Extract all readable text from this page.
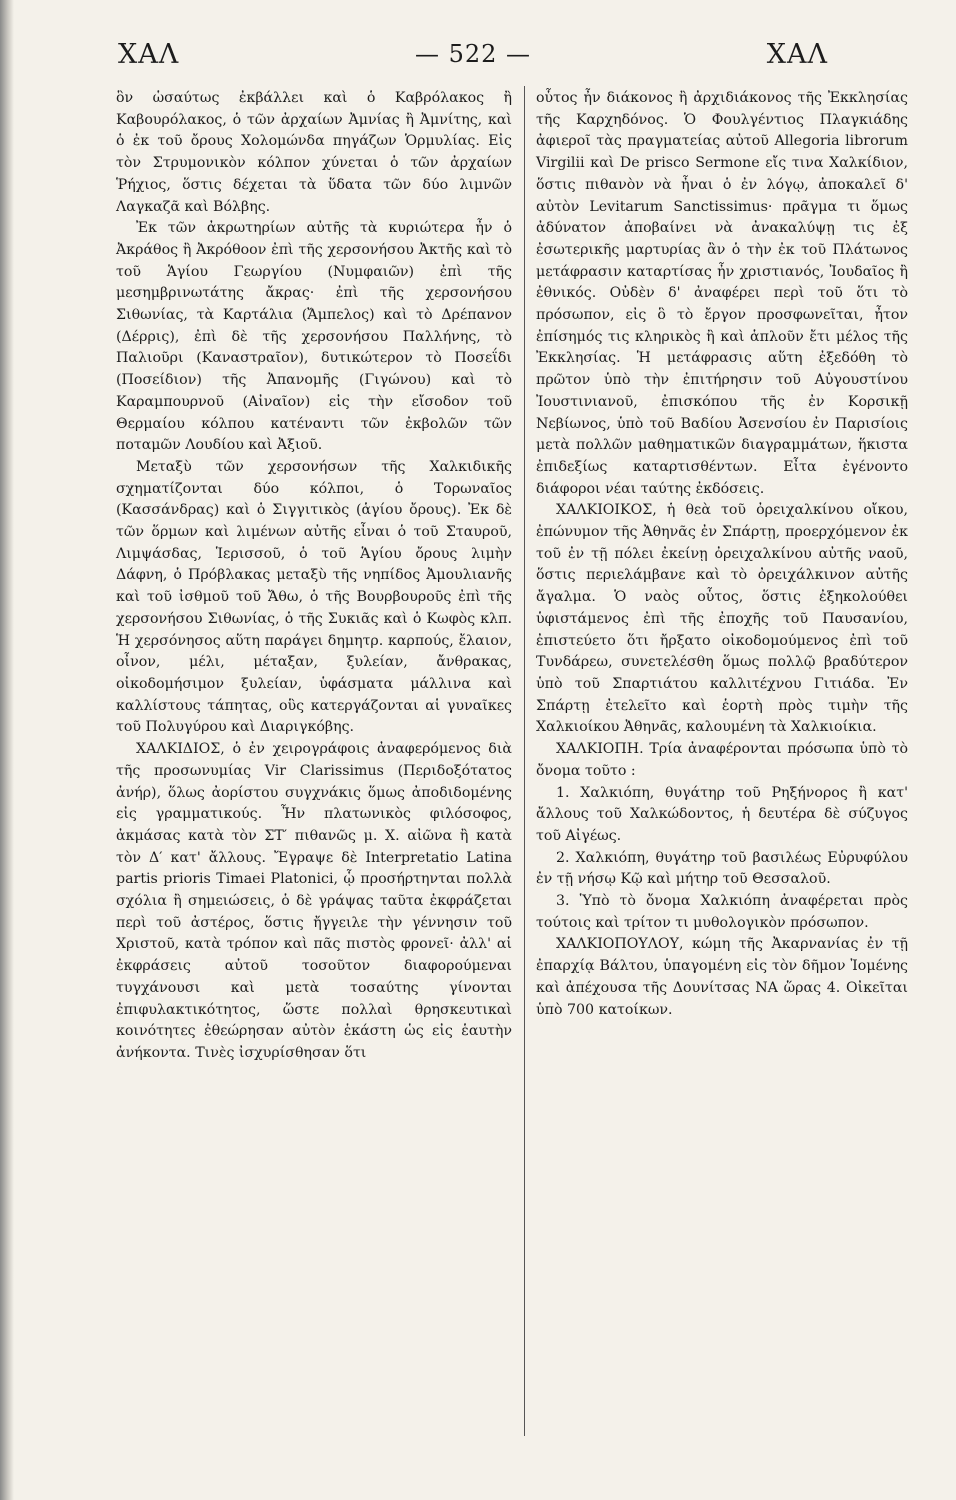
ΧΑΛ	— 522 —	ΧΑΛ

ὃν ὡσαύτως ἐκβάλλει καὶ ὁ Καβρόλακος ἢ Καβουρόλακος, ὁ τῶν ἀρχαίων Ἀμνίας ἢ Ἀμνίτης, καὶ ὁ ἐκ τοῦ ὄρους Χολομώνδα πηγάζων Ὁρμυλίας. Εἰς τὸν Στρυμονικὸν κόλπον χύνεται ὁ τῶν ἀρχαίων Ῥήχιος, ὅστις δέχεται τὰ ὕδατα τῶν δύο λιμνῶν Λαγκαζᾶ καὶ Βόλβης.

Ἐκ τῶν ἀκρωτηρίων αὐτῆς τὰ κυριώτερα ἦν ὁ Ἀκράθος ἢ Ἀκρόθοον ἐπὶ τῆς χερσονήσου Ἀκτῆς καὶ τὸ τοῦ Ἁγίου Γεωργίου (Νυμφαιῶν) ἐπὶ τῆς μεσημβρινωτάτης ἄκρας· ἐπὶ τῆς χερσονήσου Σιθωνίας, τὰ Καρτάλια (Ἄμπελος) καὶ τὸ Δρέπανον (Δέρρις), ἐπὶ δὲ τῆς χερσονήσου Παλλήνης, τὸ Παλιοῦρι (Καναστραῖον), δυτικώτερον τὸ Ποσεΐδι (Ποσείδιον) τῆς Ἀπανομῆς (Γιγώνου) καὶ τὸ Καραμπουρνοῦ (Αἰναῖον) εἰς τὴν εἴσοδον τοῦ Θερμαίου κόλπου κατέναντι τῶν ἐκβολῶν τῶν ποταμῶν Λουδίου καὶ Ἀξιοῦ.

Μεταξὺ τῶν χερσονήσων τῆς Χαλκιδικῆς σχηματίζονται δύο κόλποι, ὁ Τορωναῖος (Κασσάνδρας) καὶ ὁ Σιγγιτικὸς (ἁγίου ὄρους). Ἐκ δὲ τῶν ὅρμων καὶ λιμένων αὐτῆς εἶναι ὁ τοῦ Σταυροῦ, Λιμψάσδας, Ἱερισσοῦ, ὁ τοῦ Ἁγίου ὄρους λιμὴν Δάφνη, ὁ Πρόβλακας μεταξὺ τῆς νηπίδος Ἀμουλιανῆς καὶ τοῦ ἰσθμοῦ τοῦ Ἄθω, ὁ τῆς Βουρβουροῦς ἐπὶ τῆς χερσονήσου Σιθωνίας, ὁ τῆς Συκιᾶς καὶ ὁ Κωφὸς κλπ. Ἡ χερσόνησος αὕτη παράγει δημητρ. καρπούς, ἔλαιον, οἶνον, μέλι, μέταξαν, ξυλείαν, ἄνθρακας, οἰκοδομήσιμον ξυλείαν, ὑφάσματα μάλλινα καὶ καλλίστους τάπητας, οὓς κατεργάζονται αἱ γυναῖκες τοῦ Πολυγύρου καὶ Διαριγκόβης.

ΧΑΛΚΙΔΙΟΣ, ὁ ἐν χειρογράφοις ἀναφερόμενος διὰ τῆς προσωνυμίας Vir Clarissimus (Περιδοξότατος ἀνήρ), ὅλως ἀορίστου συγχνάκις ὅμως ἀποδιδομένης εἰς γραμματικούς. Ἦν πλατωνικὸς φιλόσοφος, ἀκμάσας κατὰ τὸν ΣΤ′ πιθανῶς μ. Χ. αἰῶνα ἢ κατὰ τὸν Δ′ κατ' ἄλλους. Ἔγραψε δὲ Interpretatio Latina partis prioris Timaei Platonici, ᾧ προσήρτηνται πολλὰ σχόλια ἢ σημειώσεις, ὁ δὲ γράψας ταῦτα ἐκφράζεται περὶ τοῦ ἀστέρος, ὅστις ἤγγειλε τὴν γέννησιν τοῦ Χριστοῦ, κατὰ τρόπον καὶ πᾶς πιστὸς φρονεῖ· ἀλλ' αἱ ἐκφράσεις αὐτοῦ τοσοῦτον διαφορούμεναι τυγχάνουσι καὶ μετὰ τοσαύτης γίνονται ἐπιφυλακτικότητος, ὥστε πολλαὶ θρησκευτικαὶ κοινότητες ἐθεώρησαν αὐτὸν ἑκάστη ὡς εἰς ἑαυτὴν ἀνήκοντα. Τινὲς ἰσχυρίσθησαν ὅτι

οὗτος ἦν διάκονος ἢ ἀρχιδιάκονος τῆς Ἐκκλησίας τῆς Καρχηδόνος. Ὁ Φουλγέντιος Πλαγκιάδης ἀφιεροῖ τὰς πραγματείας αὐτοῦ Allegoria librorum Virgilii καὶ De prisco Sermone εἴς τινα Χαλκίδιον, ὅστις πιθανὸν νὰ ἦναι ὁ ἐν λόγῳ, ἀποκαλεῖ δ' αὐτὸν Levitarum Sanctissimus· πρᾶγμα τι ὅμως ἀδύνατον ἀποβαίνει νὰ ἀνακαλύψῃ τις ἐξ ἐσωτερικῆς μαρτυρίας ἂν ὁ τὴν ἐκ τοῦ Πλάτωνος μετάφρασιν καταρτίσας ἦν χριστιανός, Ἰουδαῖος ἢ ἐθνικός. Οὐδὲν δ' ἀναφέρει περὶ τοῦ ὅτι τὸ πρόσωπον, εἰς ὃ τὸ ἔργον προσφωνεῖται, ἦτον ἐπίσημός τις κληρικὸς ἢ καὶ ἁπλοῦν ἔτι μέλος τῆς Ἐκκλησίας. Ἡ μετάφρασις αὕτη ἐξεδόθη τὸ πρῶτον ὑπὸ τὴν ἐπιτήρησιν τοῦ Αὐγουστίνου Ἰουστινιανοῦ, ἐπισκόπου τῆς ἐν Κορσικῇ Νεβίωνος, ὑπὸ τοῦ Βαδίου Ἀσενσίου ἐν Παρισίοις μετὰ πολλῶν μαθηματικῶν διαγραμμάτων, ἥκιστα ἐπιδεξίως καταρτισθέντων. Εἶτα ἐγένοντο διάφοροι νέαι ταύτης ἐκδόσεις.

ΧΑΛΚΙΟΙΚΟΣ, ἡ θεὰ τοῦ ὀρειχαλκίνου οἴκου, ἐπώνυμον τῆς Ἀθηνᾶς ἐν Σπάρτῃ, προερχόμενον ἐκ τοῦ ἐν τῇ πόλει ἐκείνῃ ὀρειχαλκίνου αὐτῆς ναοῦ, ὅστις περιελάμβανε καὶ τὸ ὀρειχάλκινον αὐτῆς ἄγαλμα. Ὁ ναὸς οὗτος, ὅστις ἐξηκολούθει ὑφιστάμενος ἐπὶ τῆς ἐποχῆς τοῦ Παυσανίου, ἐπιστεύετο ὅτι ἤρξατο οἰκοδομούμενος ἐπὶ τοῦ Τυνδάρεω, συνετελέσθη ὅμως πολλῷ βραδύτερον ὑπὸ τοῦ Σπαρτιάτου καλλιτέχνου Γιτιάδα. Ἐν Σπάρτῃ ἐτελεῖτο καὶ ἑορτὴ πρὸς τιμὴν τῆς Χαλκιοίκου Ἀθηνᾶς, καλουμένη τὰ Χαλκιοίκια.

ΧΑΛΚΙΟΠΗ. Τρία ἀναφέρονται πρόσωπα ὑπὸ τὸ ὄνομα τοῦτο :

1. Χαλκιόπη, θυγάτηρ τοῦ Ρηξήνορος ἢ κατ' ἄλλους τοῦ Χαλκώδοντος, ἡ δευτέρα δὲ σύζυγος τοῦ Αἰγέως.

2. Χαλκιόπη, θυγάτηρ τοῦ βασιλέως Εὐρυφύλου ἐν τῇ νήσῳ Κῷ καὶ μήτηρ τοῦ Θεσσαλοῦ.

3. Ὑπὸ τὸ ὄνομα Χαλκιόπη ἀναφέρεται πρὸς τούτοις καὶ τρίτον τι μυθολογικὸν πρόσωπον.

ΧΑΛΚΙΟΠΟΥΛΟΥ, κώμη τῆς Ἀκαρνανίας ἐν τῇ ἐπαρχίᾳ Βάλτου, ὑπαγομένη εἰς τὸν δῆμον Ἰομένης καὶ ἀπέχουσα τῆς Δουνίτσας ΝΑ ὥρας 4. Οἰκεῖται ὑπὸ 700 κατοίκων.
